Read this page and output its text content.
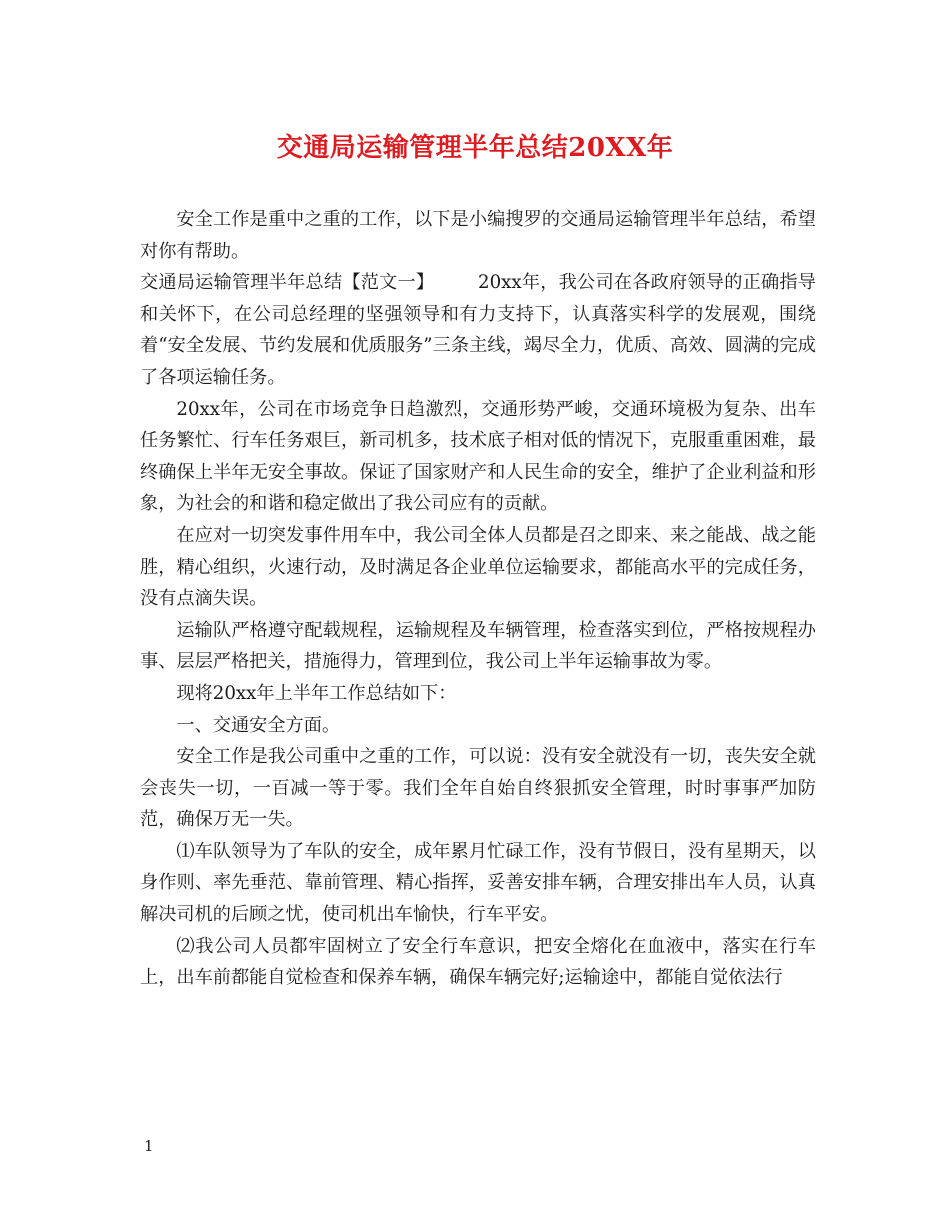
交通局运输管理半年总结20XX年

安全工作是重中之重的工作，以下是小编搜罗的交通局运输管理半年总结，希望对你有帮助。

交通局运输管理半年总结【范文一】 20xx年，我公司在各政府领导的正确指导和关怀下，在公司总经理的坚强领导和有力支持下，认真落实科学的发展观，围绕着“安全发展、节约发展和优质服务”三条主线，竭尽全力，优质、高效、圆满的完成了各项运输任务。

20xx年，公司在市场竞争日趋激烈，交通形势严峻，交通环境极为复杂、出车任务繁忙、行车任务艰巨，新司机多，技术底子相对低的情况下，克服重重困难，最终确保上半年无安全事故。保证了国家财产和人民生命的安全，维护了企业利益和形象，为社会的和谐和稳定做出了我公司应有的贡献。

在应对一切突发事件用车中，我公司全体人员都是召之即来、来之能战、战之能胜，精心组织，火速行动，及时满足各企业单位运输要求，都能高水平的完成任务，没有点滴失误。

运输队严格遵守配载规程，运输规程及车辆管理，检查落实到位，严格按规程办事、层层严格把关，措施得力，管理到位，我公司上半年运输事故为零。

现将20xx年上半年工作总结如下：

一、交通安全方面。

安全工作是我公司重中之重的工作，可以说：没有安全就没有一切，丧失安全就会丧失一切，一百减一等于零。我们全年自始自终狠抓安全管理，时时事事严加防范，确保万无一失。

⑴车队领导为了车队的安全，成年累月忙碌工作，没有节假日，没有星期天，以身作则、率先垂范、靠前管理、精心指挥，妥善安排车辆，合理安排出车人员，认真解决司机的后顾之忧，使司机出车愉快，行车平安。

⑵我公司人员都牢固树立了安全行车意识，把安全熔化在血液中，落实在行车上，出车前都能自觉检查和保养车辆，确保车辆完好;运输途中，都能自觉依法行

1
